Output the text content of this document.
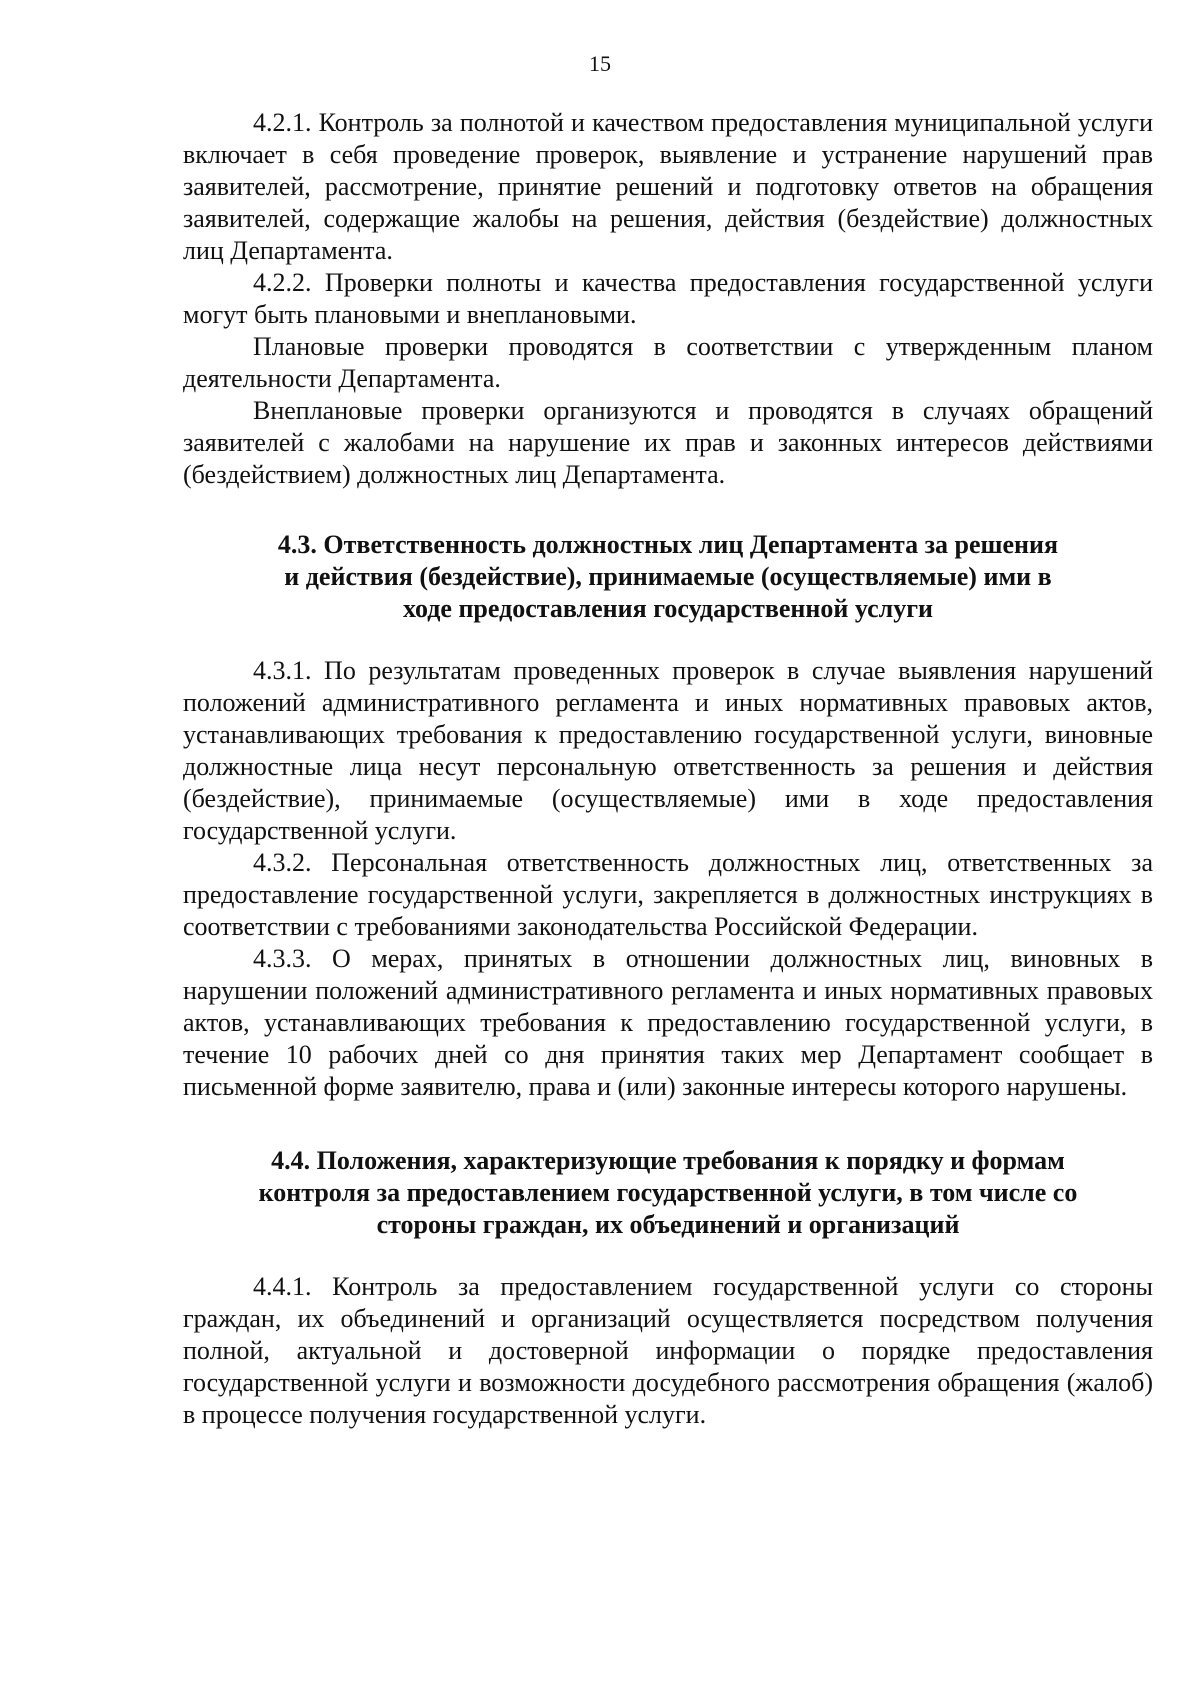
15

4.2.1. Контроль за полнотой и качеством предоставления муниципальной услуги включает в себя проведение проверок, выявление и устранение нарушений прав заявителей, рассмотрение, принятие решений и подготовку ответов на обращения заявителей, содержащие жалобы на решения, действия (бездействие) должностных лиц Департамента.

4.2.2. Проверки полноты и качества предоставления государственной услуги могут быть плановыми и внеплановыми.

Плановые проверки проводятся в соответствии с утвержденным планом деятельности Департамента.

Внеплановые проверки организуются и проводятся в случаях обращений заявителей с жалобами на нарушение их прав и законных интересов действиями (бездействием) должностных лиц Департамента.

4.3. Ответственность должностных лиц Департамента за решения

и действия (бездействие), принимаемые (осуществляемые) ими в

ходе предоставления государственной услуги

4.3.1. По результатам проведенных проверок в случае выявления нарушений положений административного регламента и иных нормативных правовых актов, устанавливающих требования к предоставлению государственной услуги, виновные должностные лица несут персональную ответственность за решения и действия (бездействие), принимаемые (осуществляемые) ими в ходе предоставления государственной услуги.

4.3.2. Персональная ответственность должностных лиц, ответственных за предоставление государственной услуги, закрепляется в должностных инструкциях в соответствии с требованиями законодательства Российской Федерации.

4.3.3. О мерах, принятых в отношении должностных лиц, виновных в нарушении положений административного регламента и иных нормативных правовых актов, устанавливающих требования к предоставлению государственной услуги, в течение 10 рабочих дней со дня принятия таких мер Департамент сообщает в письменной форме заявителю, права и (или) законные интересы которого нарушены.

4.4. Положения, характеризующие требования к порядку и формам

контроля за предоставлением государственной услуги, в том числе со

стороны граждан, их объединений и организаций

4.4.1. Контроль за предоставлением государственной услуги со стороны граждан, их объединений и организаций осуществляется посредством получения полной, актуальной и достоверной информации о порядке предоставления государственной услуги и возможности досудебного рассмотрения обращения (жалоб) в процессе получения государственной услуги.
